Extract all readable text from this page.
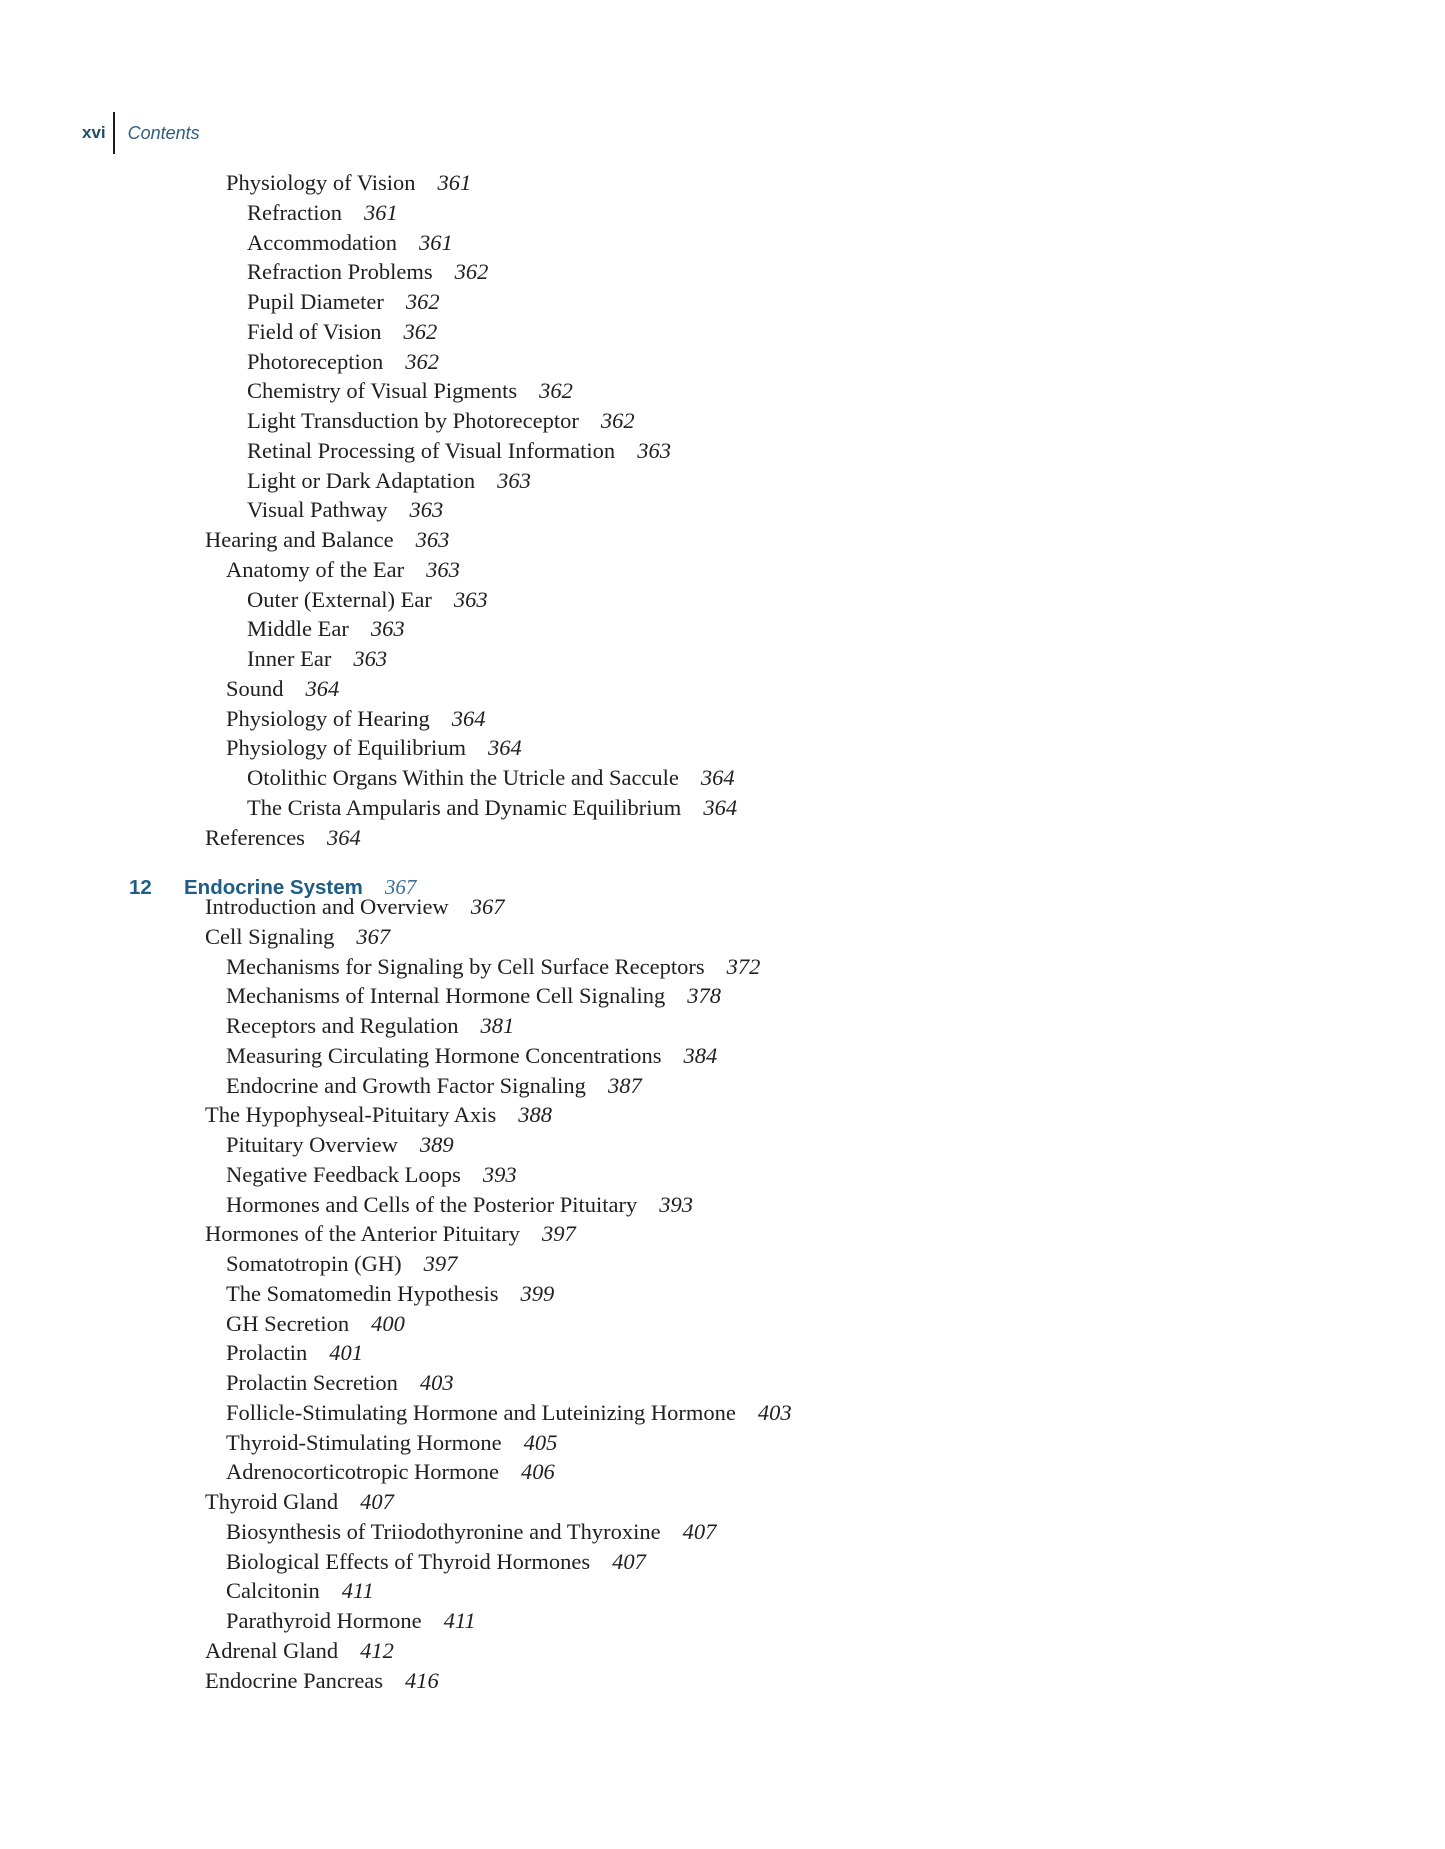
xvi	Contents
Physiology of Vision 361
Refraction 361
Accommodation 361
Refraction Problems 362
Pupil Diameter 362
Field of Vision 362
Photoreception 362
Chemistry of Visual Pigments 362
Light Transduction by Photoreceptor 362
Retinal Processing of Visual Information 363
Light or Dark Adaptation 363
Visual Pathway 363
Hearing and Balance 363
Anatomy of the Ear 363
Outer (External) Ear 363
Middle Ear 363
Inner Ear 363
Sound 364
Physiology of Hearing 364
Physiology of Equilibrium 364
Otolithic Organs Within the Utricle and Saccule 364
The Crista Ampularis and Dynamic Equilibrium 364
References 364
12 Endocrine System 367
Introduction and Overview 367
Cell Signaling 367
Mechanisms for Signaling by Cell Surface Receptors 372
Mechanisms of Internal Hormone Cell Signaling 378
Receptors and Regulation 381
Measuring Circulating Hormone Concentrations 384
Endocrine and Growth Factor Signaling 387
The Hypophyseal-Pituitary Axis 388
Pituitary Overview 389
Negative Feedback Loops 393
Hormones and Cells of the Posterior Pituitary 393
Hormones of the Anterior Pituitary 397
Somatotropin (GH) 397
The Somatomedin Hypothesis 399
GH Secretion 400
Prolactin 401
Prolactin Secretion 403
Follicle-Stimulating Hormone and Luteinizing Hormone 403
Thyroid-Stimulating Hormone 405
Adrenocorticotropic Hormone 406
Thyroid Gland 407
Biosynthesis of Triiodothyronine and Thyroxine 407
Biological Effects of Thyroid Hormones 407
Calcitonin 411
Parathyroid Hormone 411
Adrenal Gland 412
Endocrine Pancreas 416
